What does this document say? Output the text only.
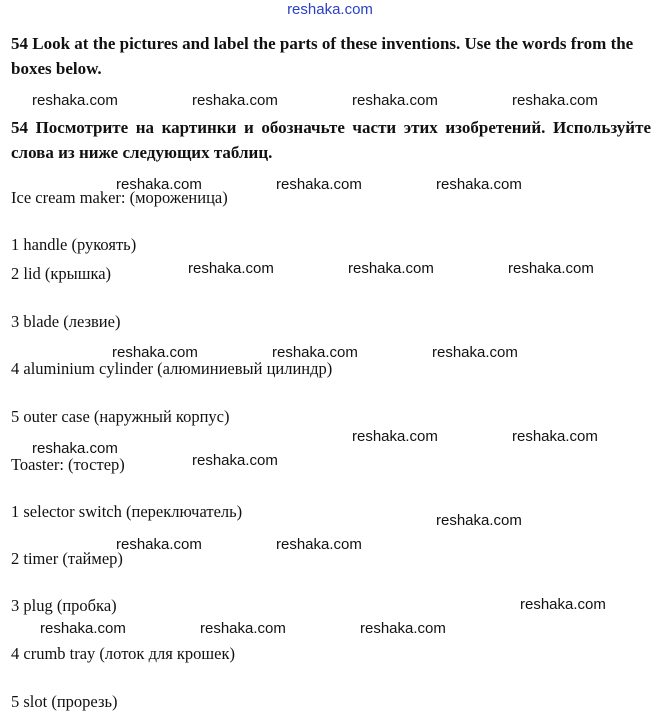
reshaka.com
54 Look at the pictures and label the parts of these inventions. Use the words from the boxes below.
54 Посмотрите на картинки и обозначьте части этих изобретений. Используйте слова из ниже следующих таблиц.
Ice cream maker: (мороженица)
1 handle (рукоять)
2 lid (крышка)
3 blade (лезвие)
4 aluminium cylinder (алюминиевый цилиндр)
5 outer case (наружный корпус)
Toaster: (тостер)
1 selector switch (переключатель)
2 timer (таймер)
3 plug (пробка)
4 crumb tray (лоток для крошек)
5 slot (прорезь)
reshaka.com	reshaka.com	reshaka.com	reshaka.com
reshaka.com	reshaka.com	reshaka.com
reshaka.com	reshaka.com	reshaka.com
reshaka.com	reshaka.com	reshaka.com
reshaka.com	reshaka.com
reshaka.com
reshaka.com
reshaka.com
reshaka.com	reshaka.com
reshaka.com
reshaka.com	reshaka.com	reshaka.com
